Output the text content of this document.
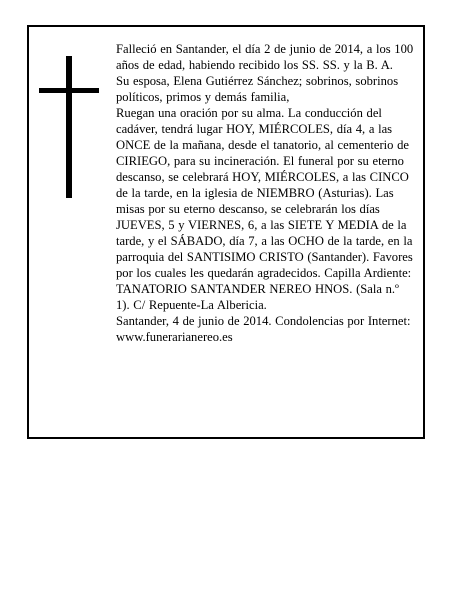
Falleció en Santander, el día 2 de junio de 2014, a los 100 años de edad, habiendo recibido los SS. SS. y la B. A.

Su esposa, Elena Gutiérrez Sánchez; sobrinos, sobrinos políticos, primos y demás familia,

Ruegan una oración por su alma. La conducción del cadáver, tendrá lugar HOY, MIÉRCOLES, día 4, a las ONCE de la mañana, desde el tanatorio, al cementerio de CIRIEGO, para su incineración. El funeral por su eterno descanso, se celebrará HOY, MIÉRCOLES, a las CINCO de la tarde, en la iglesia de NIEMBRO (Asturias). Las misas por su eterno descanso, se celebrarán los días JUEVES, 5 y VIERNES, 6, a las SIETE Y MEDIA de la tarde, y el SÁBADO, día 7, a las OCHO de la tarde, en la parroquia del SANTISIMO CRISTO (Santander). Favores por los cuales les quedarán agradecidos. Capilla Ardiente: TANATORIO SANTANDER NEREO HNOS. (Sala n.º 1). C/ Repuente-La Albericia.

Santander, 4 de junio de 2014. Condolencias por Internet: www.funerarianereo.es
